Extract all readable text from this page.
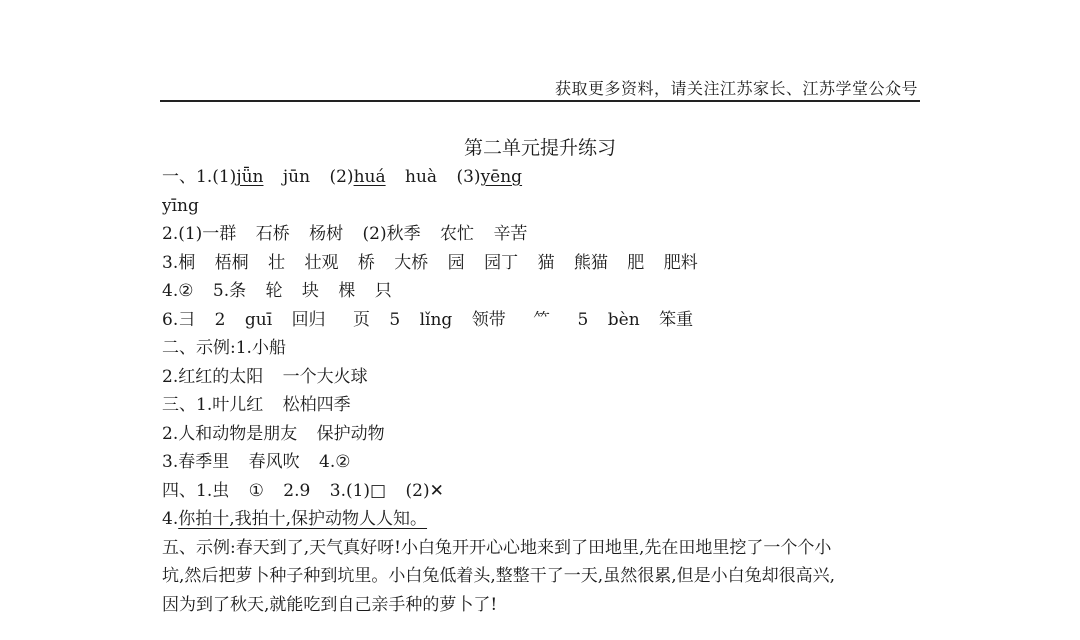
获取更多资料，请关注江苏家长、江苏学堂公众号
第二单元提升练习
一、1.(1)jǖn jūn (2)huá huà (3)yēng
yīng
2.(1)一群 石桥 杨树 (2)秋季 农忙 辛苦
3.桐 梧桐 壮 壮观 桥 大桥 园 园丁 猫 熊猫 肥 肥料
4.② 5.条 轮 块 棵 只
6.彐 2 guī 回归 页 5 lǐng 领带 ⺮ 5 bèn 笨重
二、示例:1.小船
2.红红的太阳 一个大火球
三、1.叶儿红 松柏四季
2.人和动物是朋友 保护动物
3.春季里 春风吹 4.②
四、1.虫 ① 2.9 3.(1)□ (2)✕
4.你拍十,我拍十,保护动物人人知。
五、示例:春天到了,天气真好呀!小白兔开开心心地来到了田地里,先在田地里挖了一个个小
坑,然后把萝卜种子种到坑里。小白兔低着头,整整干了一天,虽然很累,但是小白兔却很高兴,
因为到了秋天,就能吃到自己亲手种的萝卜了!
